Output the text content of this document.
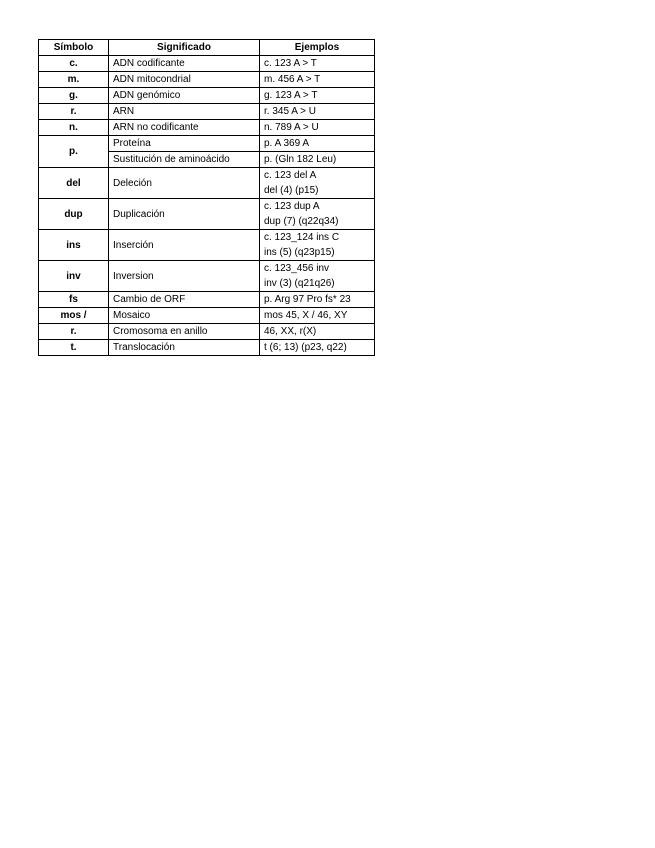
Símbolo	Significado	Ejemplos
c.	ADN codificante	c. 123 A > T
m.	ADN mitocondrial	m. 456 A > T
g.	ADN genómico	g. 123 A > T
r.	ARN	r. 345 A > U
n.	ARN no codificante	n. 789 A > U
p.	Proteína	p. A 369 A
	Sustitución de aminoácido	p. (Gln 182 Leu)
del	Deleción	c. 123 del A
del (4) (p15)

dup	Duplicación	c. 123 dup A
dup (7) (q22q34)

ins	Inserción	c. 123_124 ins C
ins (5) (q23p15)

inv	Inversion	c. 123_456 inv
inv (3) (q21q26)

fs	Cambio de ORF	p. Arg 97 Pro fs* 23
mos /	Mosaico	mos 45, X / 46, XY
r.	Cromosoma en anillo	46, XX, r(X)
t.	Translocación	t (6; 13) (p23, q22)
